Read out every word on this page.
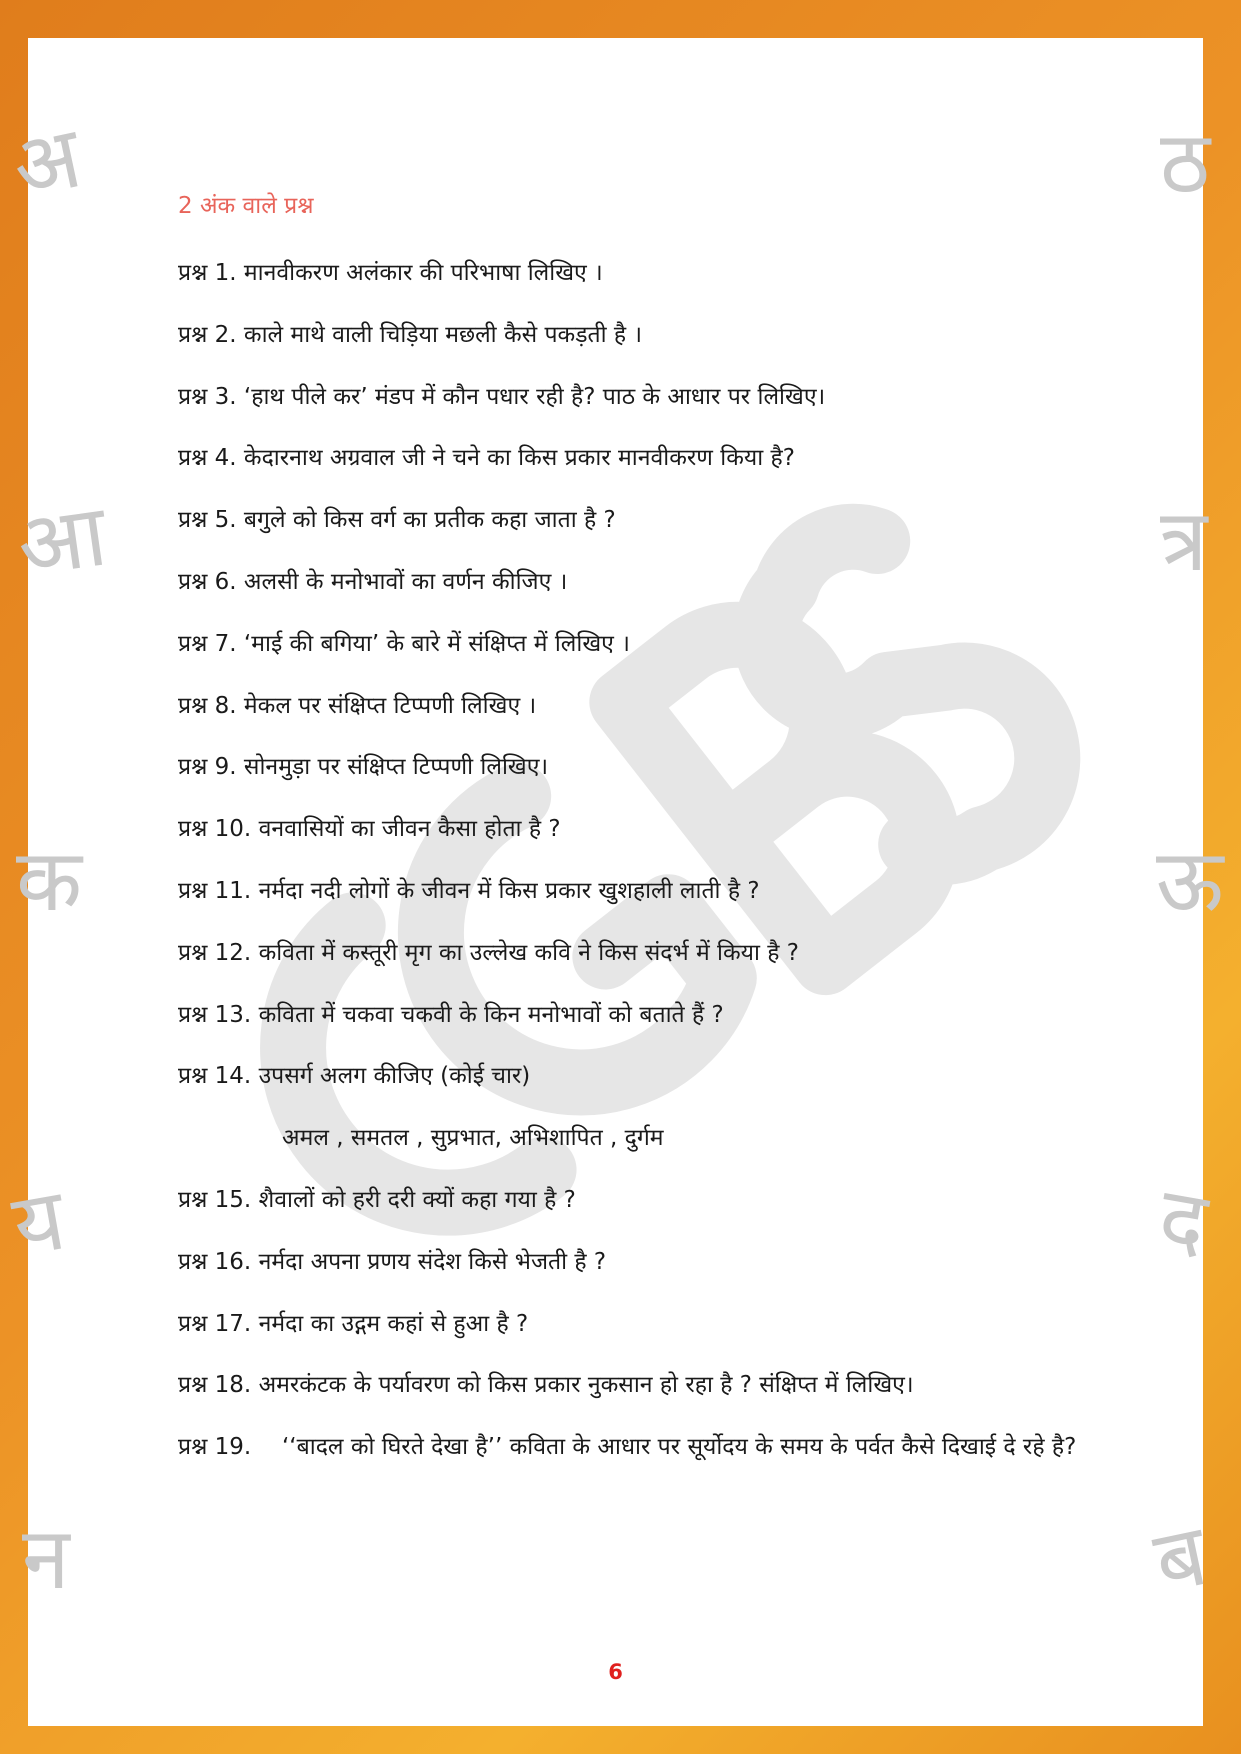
अ
आ
क
य
न
ठ
त्र
ऊ
द
ब
2 अंक वाले प्रश्न
प्रश्न 1. मानवीकरण अलंकार की परिभाषा लिखिए ।
प्रश्न 2. काले माथे वाली चिड़िया मछली कैसे पकड़ती है ।
प्रश्न 3. ‘हाथ पीले कर’ मंडप में कौन पधार रही है? पाठ के आधार पर लिखिए।
प्रश्न 4. केदारनाथ अग्रवाल जी ने चने का किस प्रकार मानवीकरण किया है?
प्रश्न 5. बगुले को किस वर्ग का प्रतीक कहा जाता है ?
प्रश्न 6. अलसी के मनोभावों का वर्णन कीजिए ।
प्रश्न 7. ‘माई की बगिया’ के बारे में संक्षिप्त में लिखिए ।
प्रश्न 8. मेकल पर संक्षिप्त टिप्पणी लिखिए ।
प्रश्न 9. सोनमुड़ा पर संक्षिप्त टिप्पणी लिखिए।
प्रश्न 10. वनवासियों का जीवन कैसा होता है ?
प्रश्न 11. नर्मदा नदी लोगों के जीवन में किस प्रकार खुशहाली लाती है ?
प्रश्न 12. कविता में कस्तूरी मृग का उल्लेख कवि ने किस संदर्भ में किया है ?
प्रश्न 13. कविता में चकवा चकवी के किन मनोभावों को बताते हैं ?
प्रश्न 14. उपसर्ग अलग कीजिए (कोई चार)
अमल , समतल , सुप्रभात, अभिशापित , दुर्गम
प्रश्न 15. शैवालों को हरी दरी क्यों कहा गया है ?
प्रश्न 16. नर्मदा अपना प्रणय संदेश किसे भेजती है ?
प्रश्न 17. नर्मदा का उद्गम कहां से हुआ है ?
प्रश्न 18. अमरकंटक के पर्यावरण को किस प्रकार नुकसान हो रहा है ? संक्षिप्त में लिखिए।
प्रश्न 19. ‘‘बादल को घिरते देखा है’’ कविता के आधार पर सूर्योदय के समय के पर्वत कैसे दिखाई दे रहे है?
6
